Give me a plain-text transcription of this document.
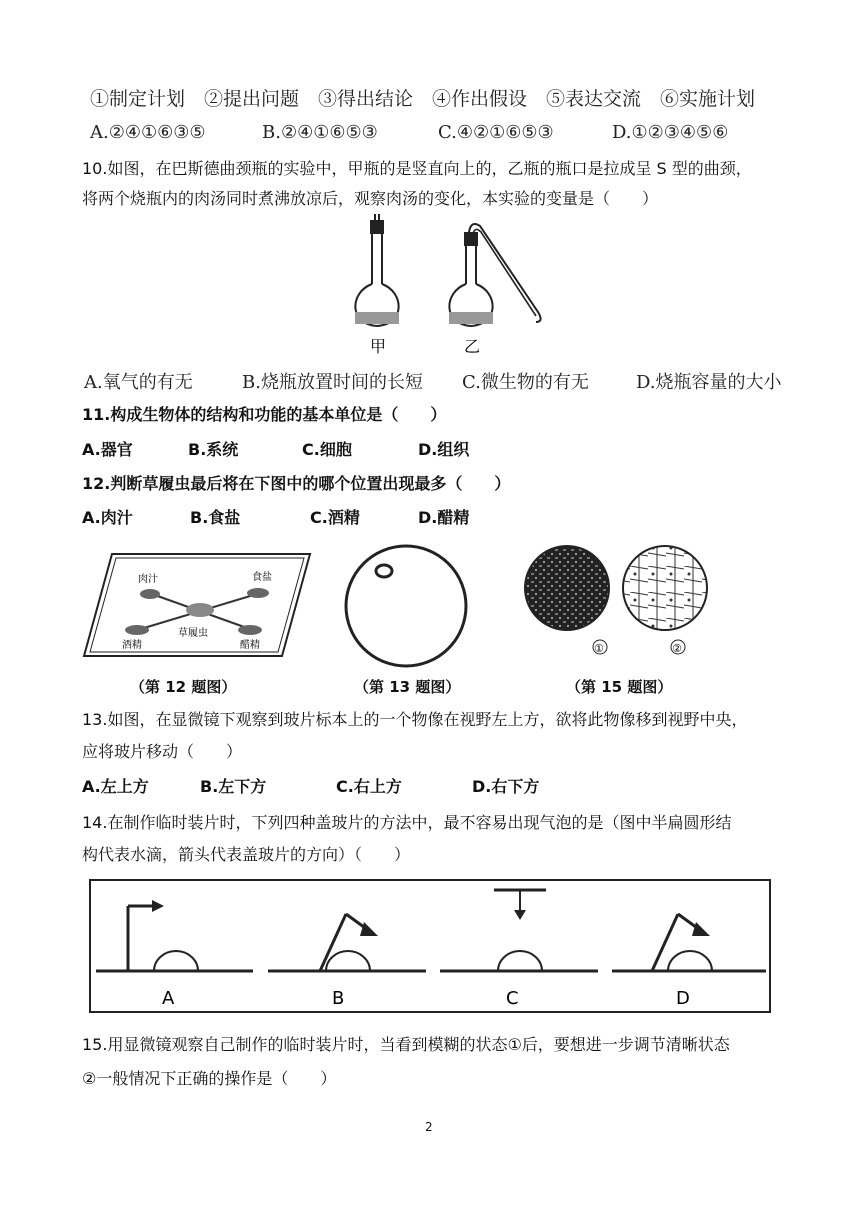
①制定计划　②提出问题　③得出结论　④作出假设　⑤表达交流　⑥实施计划
A.②④①⑥③⑤	B.②④①⑥⑤③	C.④②①⑥⑤③	D.①②③④⑤⑥
10.如图，在巴斯德曲颈瓶的实验中，甲瓶的是竖直向上的，乙瓶的瓶口是拉成呈 S 型的曲颈，
将两个烧瓶内的肉汤同时煮沸放凉后，观察肉汤的变化，本实验的变量是（　　）
甲	乙
A.氧气的有无	B.烧瓶放置时间的长短 C.微生物的有无	D.烧瓶容量的大小
11.构成生物体的结构和功能的基本单位是（　　）
A.器官	B.系统	C.细胞	D.组织
12.判断草履虫最后将在下图中的哪个位置出现最多（　　）
A.肉汁	B.食盐	C.酒精	D.醋精
肉汁	食盐
草履虫
酒精	醋精	①	②
（第 12 题图）	（第 13 题图）	（第 15 题图）
13.如图，在显微镜下观察到玻片标本上的一个物像在视野左上方，欲将此物像移到视野中央，
应将玻片移动（　　）
A.左上方	B.左下方	C.右上方	D.右下方
14.在制作临时装片时，下列四种盖玻片的方法中，最不容易出现气泡的是（图中半扁圆形结
构代表水滴，箭头代表盖玻片的方向）（　　）
A	B	C	D
15.用显微镜观察自己制作的临时装片时，当看到模糊的状态①后，要想进一步调节清晰状态
②一般情况下正确的操作是（　　）
2
